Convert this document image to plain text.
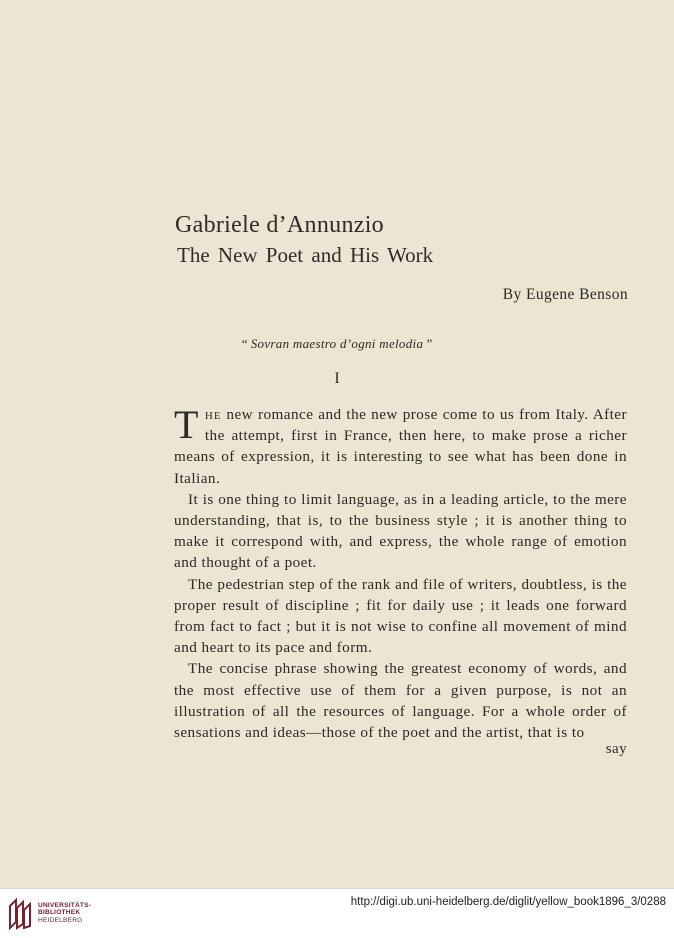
Gabriele d’Annunzio
The New Poet and His Work
By Eugene Benson
“ Sovran maestro d’ogni melodia ”
I

The new romance and the new prose come to us from Italy. After the attempt, first in France, then here, to make prose a richer means of expression, it is interesting to see what has been done in Italian.

It is one thing to limit language, as in a leading article, to the mere understanding, that is, to the business style ; it is another thing to make it correspond with, and express, the whole range of emotion and thought of a poet.

The pedestrian step of the rank and file of writers, doubtless, is the proper result of discipline ; fit for daily use ; it leads one forward from fact to fact ; but it is not wise to confine all movement of mind and heart to its pace and form.

The concise phrase showing the greatest economy of words, and the most effective use of them for a given purpose, is not an illustration of all the resources of language. For a whole order of sensations and ideas—those of the poet and the artist, that is to

say
UNIVERSITÄTS-
BIBLIOTHEK
HEIDELBERG
http://digi.ub.uni-heidelberg.de/diglit/yellow_book1896_3/0288
